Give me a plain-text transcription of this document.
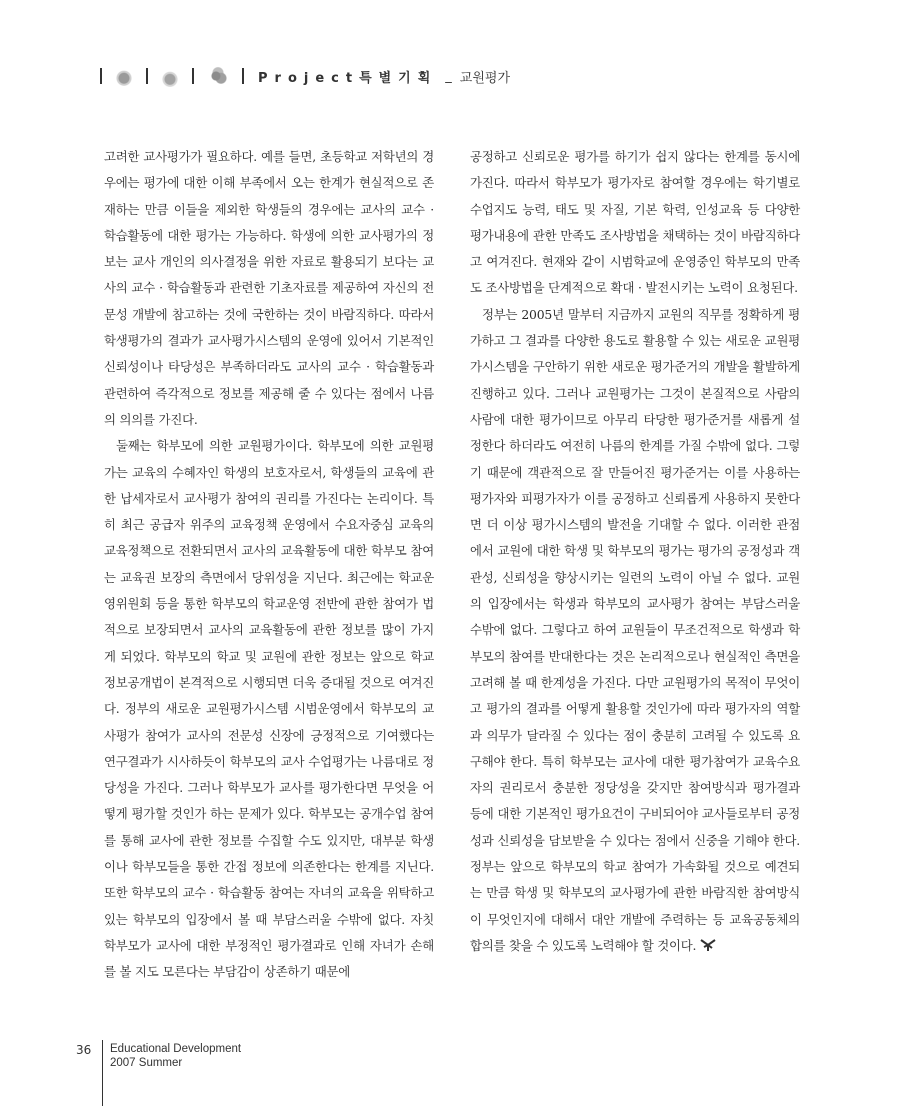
Project특별기획 _ 교원평가

고려한 교사평가가 필요하다. 예를 들면, 초등학교 저학년의 경우에는 평가에 대한 이해 부족에서 오는 한계가 현실적으로 존재하는 만큼 이들을 제외한 학생들의 경우에는 교사의 교수 · 학습활동에 대한 평가는 가능하다. 학생에 의한 교사평가의 정보는 교사 개인의 의사결정을 위한 자료로 활용되기 보다는 교사의 교수 · 학습활동과 관련한 기초자료를 제공하여 자신의 전문성 개발에 참고하는 것에 국한하는 것이 바람직하다. 따라서 학생평가의 결과가 교사평가시스템의 운영에 있어서 기본적인 신뢰성이나 타당성은 부족하더라도 교사의 교수 · 학습활동과 관련하여 즉각적으로 정보를 제공해 줄 수 있다는 점에서 나름의 의의를 가진다.

둘째는 학부모에 의한 교원평가이다. 학부모에 의한 교원평가는 교육의 수혜자인 학생의 보호자로서, 학생들의 교육에 관한 납세자로서 교사평가 참여의 권리를 가진다는 논리이다. 특히 최근 공급자 위주의 교육정책 운영에서 수요자중심 교육의 교육정책으로 전환되면서 교사의 교육활동에 대한 학부모 참여는 교육권 보장의 측면에서 당위성을 지닌다. 최근에는 학교운영위원회 등을 통한 학부모의 학교운영 전반에 관한 참여가 법적으로 보장되면서 교사의 교육활동에 관한 정보를 많이 가지게 되었다. 학부모의 학교 및 교원에 관한 정보는 앞으로 학교정보공개법이 본격적으로 시행되면 더욱 증대될 것으로 여겨진다. 정부의 새로운 교원평가시스템 시범운영에서 학부모의 교사평가 참여가 교사의 전문성 신장에 긍정적으로 기여했다는 연구결과가 시사하듯이 학부모의 교사 수업평가는 나름대로 정당성을 가진다. 그러나 학부모가 교사를 평가한다면 무엇을 어떻게 평가할 것인가 하는 문제가 있다. 학부모는 공개수업 참여를 통해 교사에 관한 정보를 수집할 수도 있지만, 대부분 학생이나 학부모들을 통한 간접 정보에 의존한다는 한계를 지닌다. 또한 학부모의 교수 · 학습활동 참여는 자녀의 교육을 위탁하고 있는 학부모의 입장에서 볼 때 부담스러울 수밖에 없다. 자칫 학부모가 교사에 대한 부정적인 평가결과로 인해 자녀가 손해를 볼 지도 모른다는 부담감이 상존하기 때문에

공정하고 신뢰로운 평가를 하기가 쉽지 않다는 한계를 동시에 가진다. 따라서 학부모가 평가자로 참여할 경우에는 학기별로 수업지도 능력, 태도 및 자질, 기본 학력, 인성교육 등 다양한 평가내용에 관한 만족도 조사방법을 채택하는 것이 바람직하다고 여겨진다. 현재와 같이 시범학교에 운영중인 학부모의 만족도 조사방법을 단계적으로 확대 · 발전시키는 노력이 요청된다.

정부는 2005년 말부터 지금까지 교원의 직무를 정확하게 평가하고 그 결과를 다양한 용도로 활용할 수 있는 새로운 교원평가시스템을 구안하기 위한 새로운 평가준거의 개발을 활발하게 진행하고 있다. 그러나 교원평가는 그것이 본질적으로 사람의 사람에 대한 평가이므로 아무리 타당한 평가준거를 새롭게 설정한다 하더라도 여전히 나름의 한계를 가질 수밖에 없다. 그렇기 때문에 객관적으로 잘 만들어진 평가준거는 이를 사용하는 평가자와 피평가자가 이를 공정하고 신뢰롭게 사용하지 못한다면 더 이상 평가시스템의 발전을 기대할 수 없다. 이러한 관점에서 교원에 대한 학생 및 학부모의 평가는 평가의 공정성과 객관성, 신뢰성을 향상시키는 일련의 노력이 아닐 수 없다. 교원의 입장에서는 학생과 학부모의 교사평가 참여는 부담스러울 수밖에 없다. 그렇다고 하여 교원들이 무조건적으로 학생과 학부모의 참여를 반대한다는 것은 논리적으로나 현실적인 측면을 고려해 볼 때 한계성을 가진다. 다만 교원평가의 목적이 무엇이고 평가의 결과를 어떻게 활용할 것인가에 따라 평가자의 역할과 의무가 달라질 수 있다는 점이 충분히 고려될 수 있도록 요구해야 한다. 특히 학부모는 교사에 대한 평가참여가 교육수요자의 권리로서 충분한 정당성을 갖지만 참여방식과 평가결과 등에 대한 기본적인 평가요건이 구비되어야 교사들로부터 공정성과 신뢰성을 담보받을 수 있다는 점에서 신중을 기해야 한다. 정부는 앞으로 학부모의 학교 참여가 가속화될 것으로 예견되는 만큼 학생 및 학부모의 교사평가에 관한 바람직한 참여방식이 무엇인지에 대해서 대안 개발에 주력하는 등 교육공동체의 합의를 찾을 수 있도록 노력해야 할 것이다.

36 Educational Development
2007 Summer
